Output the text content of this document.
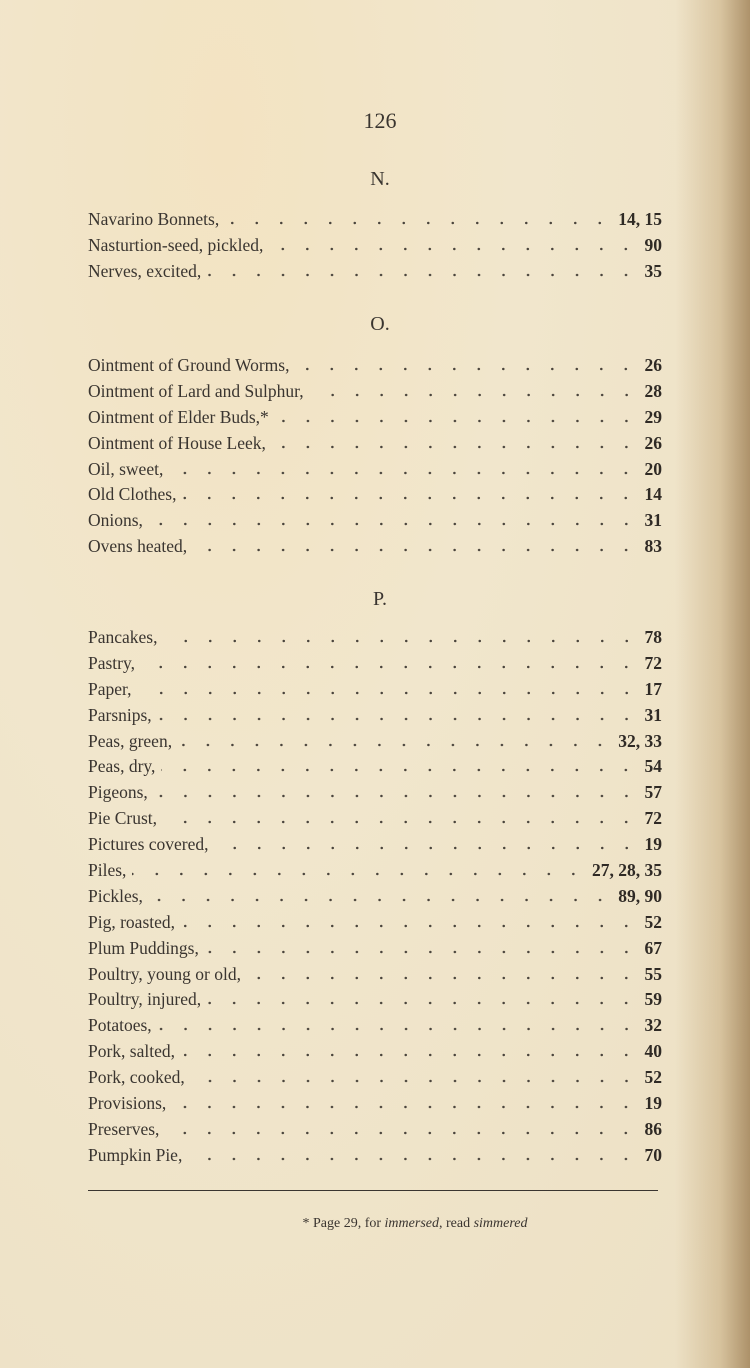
126
N.
Navarino Bonnets,	14, 15
Nasturtion-seed, pickled,	90
Nerves, excited,	35
O.
Ointment of Ground Worms,	26
Ointment of Lard and Sulphur,	28
Ointment of Elder Buds,*	29
Ointment of House Leek,	26
Oil, sweet,	20
Old Clothes,	14
Onions,	31
Ovens heated,	83
P.
Pancakes,	78
Pastry,	72
Paper,	17
Parsnips,	31
Peas, green,	32, 33
Peas, dry,	54
Pigeons,	57
Pie Crust,	72
Pictures covered,	19
Piles,	27, 28, 35
Pickles,	89, 90
Pig, roasted,	52
Plum Puddings,	67
Poultry, young or old,	55
Poultry, injured,	59
Potatoes,	32
Pork, salted,	40
Pork, cooked,	52
Provisions,	19
Preserves,	86
Pumpkin Pie,	70
* Page 29, for immersed, read simmered
